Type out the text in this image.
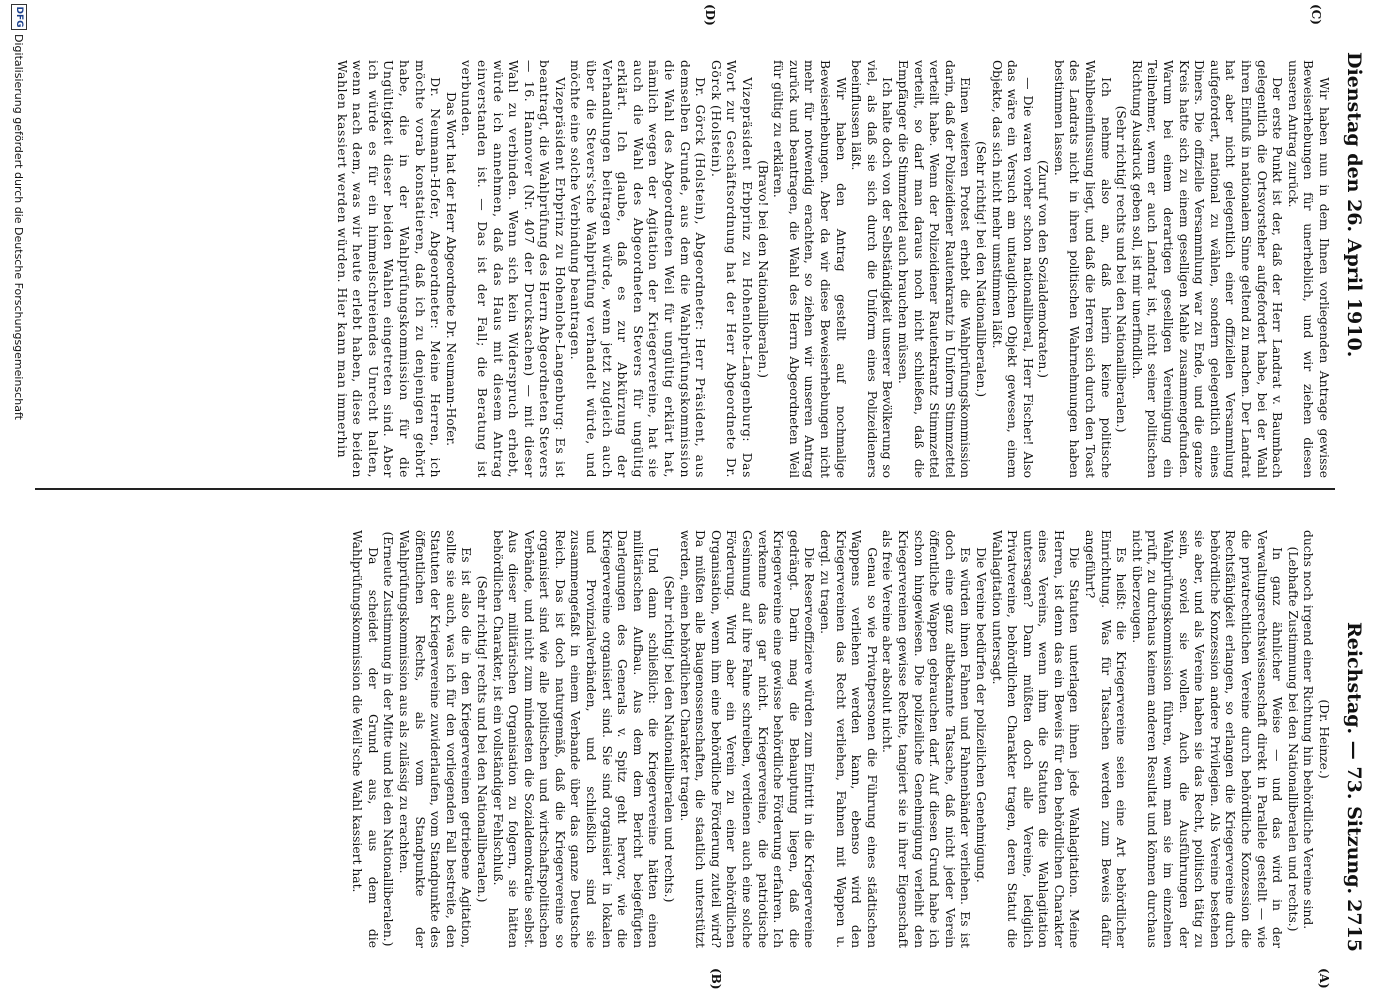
Dienstag den 26. April 1910.
Reichstag. — 73. Sitzung.
2715
(C)
(D)
(A)
(B)

Wir haben nun in dem Ihnen vorliegenden Antrage gewisse Beweiserhebungen für unerheblich, und wir ziehen diesen unseren Antrag zurück.

Der erste Punkt ist der, daß der Herr Landrat v. Baumbach gelegentlich die Ortsvorsteher aufgefordert habe, bei der Wahl ihren Einfluß in nationalem Sinne geltend zu machen. Der Landrat hat aber nicht gelegentlich einer offiziellen Versammlung aufgefordert, national zu wählen, sondern gelegentlich eines Diners. Die offizielle Versammlung war zu Ende, und die ganze Kreis hatte sich zu einem geselligen Mahle zusammengefunden. Warum bei einem derartigen geselligen Vereinigung ein Teilnehmer, wenn er auch Landrat ist, nicht seiner politischen Richtung Ausdruck geben soll, ist mir unerfindlich.

(Sehr richtig! rechts und bei den Nationalliberalen.)

Ich nehme also an, daß hierin keine politische Wahlbeeinflussung liegt, und daß die Herren sich durch den Toast des Landrats nicht in ihren politischen Wahrnehmungen haben bestimmen lassen.

(Zuruf von den Sozialdemokraten.)

— Die waren vorher schon nationalliberal, Herr Fischer! Also das wäre ein Versuch am untauglichen Objekt gewesen, einem Objekte, das sich nicht mehr umstimmen läßt.

(Sehr richtig! bei den Nationalliberalen.)

Einen weiteren Protest erhebt die Wahlprüfungskommission darin, daß der Polizeidiener Rautenkrantz in Uniform Stimmzettel verteilt habe. Wenn der Polizeidiener Rautenkrantz Stimmzettel verteilt, so darf man daraus noch nicht schließen, daß die Empfänger die Stimmzettel auch brauchen müssen.

Ich halte doch von der Selbständigkeit unserer Bevölkerung so viel, als daß sie sich durch die Uniform eines Polizeidieners beeinflussen läßt.

Wir haben den Antrag gestellt auf nochmalige Beweiserhebungen. Aber da wir diese Beweiserhebungen nicht mehr für notwendig erachten, so ziehen wir unseren Antrag zurück und beantragen, die Wahl des Herrn Abgeordneten Weil für gültig zu erklären.

(Bravo! bei den Nationalliberalen.)

Vizepräsident Erbprinz zu Hohenlohe-Langenburg: Das Wort zur Geschäftsordnung hat der Herr Abgeordnete Dr. Görck (Holstein).

Dr. Görck (Holstein), Abgeordneter: Herr Präsident, aus demselben Grunde, aus dem die Wahlprüfungskommission die Wahl des Abgeordneten Weil für ungültig erklärt hat, nämlich wegen der Agitation der Kriegervereine, hat sie auch die Wahl des Abgeordneten Stevers für ungültig erklärt. Ich glaube, daß es zur Abkürzung der Verhandlungen beitragen würde, wenn jetzt zugleich auch über die Stevers'sche Wahlprüfung verhandelt würde, und möchte eine solche Verbindung beantragen.

Vizepräsident Erbprinz zu Hohenlohe-Langenburg: Es ist beantragt, die Wahlprüfung des Herrn Abgeordneten Stevers — 16. Hannover (Nr. 407 der Drucksachen) — mit dieser Wahl zu verbinden. Wenn sich kein Widerspruch erhebt, würde ich annehmen, daß das Haus mit diesem Antrag einverstanden ist. — Das ist der Fall; die Beratung ist verbunden.

Das Wort hat der Herr Abgeordnete Dr. Neumann-Hofer.

Dr. Neumann-Hofer, Abgeordneter: Meine Herren, ich möchte vorab konstatieren, daß ich zu denjenigen gehört habe, die in der Wahlprüfungskommission für die Ungültigkeit dieser beiden Wahlen eingetreten sind. Aber ich würde es für ein himmelschreiendes Unrecht halten, wenn nach dem, was wir heute erlebt haben, diese beiden Wahlen kassiert werden würden. Hier kann man immerhin

(Dr. Heinze.)

duchs noch irgend einer Richtung hin behördliche Vereine sind.

(Lebhafte Zustimmung bei den Nationalliberalen und rechts.)

In ganz ähnlicher Weise — und das wird in der Verwaltungsrechtswissenschaft direkt in Parallele gestellt — wie die privatrechtlichen Vereine durch behördliche Konzession die Rechtsfähigkeit erlangen, so erlangen die Kriegervereine durch behördliche Konzession andere Privilegien. Als Vereine bestehen sie aber, und als Vereine haben sie das Recht, politisch tätig zu sein, soviel sie wollen. Auch die Ausführungen der Wahlprüfungskommission führen, wenn man sie im einzelnen prüft, zu durchaus keinem anderen Resultat und können durchaus nicht überzeugen.

Es heißt: die Kriegervereine seien eine Art behördlicher Einrichtung. Was für Tatsachen werden zum Beweis dafür angeführt?

Die Statuten unterlagen ihnen jede Wahlagitation. Meine Herren, ist denn das ein Beweis für den behördlichen Charakter eines Vereins, wenn ihm die Statuten die Wahlagitation untersagen? Dann müßten doch alle Vereine, lediglich Privatvereine, behördlichen Charakter tragen, deren Statut die Wahlagitation untersagt.

Die Vereine bedürfen der polizeilichen Genehmigung.

Es würden ihnen Fahnen und Fahnenbänder verliehen. Es ist doch eine ganz altbekannte Tatsache, daß nicht jeder Verein öffentliche Wappen gebrauchen darf. Auf diesen Grund habe ich schon hingewiesen. Die polizeiliche Genehmigung verleiht den Kriegervereinen gewisse Rechte, tangiert sie in ihrer Eigenschaft als freie Vereine aber absolut nicht.

Genau so wie Privatpersonen die Führung eines städtischen Wappens verliehen werden kann, ebenso wird den Kriegervereinen das Recht verliehen, Fahnen mit Wappen u. dergl. zu tragen.

Die Reserveoffiziere würden zum Eintritt in die Kriegervereine gedrängt. Darin mag die Behauptung liegen, daß die Kriegervereine eine gewisse behördliche Förderung erfahren. Ich verkenne das gar nicht. Kriegervereine, die patriotische Gesinnung auf ihre Fahne schreiben, verdienen auch eine solche Förderung. Wird aber ein Verein zu einer behördlichen Organisation, wenn ihm eine behördliche Förderung zuteil wird? Da müßten alle Baugenossenschaften, die staatlich unterstützt werden, einen behördlichen Charakter tragen.

(Sehr richtig! bei den Nationalliberalen und rechts.)

Und dann schließlich: die Kriegervereine hätten einen militärischen Aufbau. Aus dem dem Bericht beigefügten Darlegungen des Generals v. Spitz geht hervor, wie die Kriegervereine organisiert sind. Sie sind organisiert in lokalen und Provinzialverbänden, und schließlich sind sie zusammengefaßt in einem Verbande über das ganze Deutsche Reich. Das ist doch naturgemäß, daß die Kriegervereine so organisiert sind wie alle politischen und wirtschaftspolitischen Verbände, und nicht zum mindesten die Sozialdemokratie selbst. Aus dieser militärischen Organisation zu folgern, sie hätten behördlichen Charakter, ist ein vollständiger Fehlschluß.

(Sehr richtig! rechts und bei den Nationalliberalen.)

Es ist also die in den Kriegervereinen getriebene Agitation, sollte sie auch, was ich für den vorliegenden Fall bestreite, den Statuten der Kriegervereine zuwiderlaufen, vom Standpunkte des öffentlichen Rechts, als vom Standpunkte der Wahlprüfungskommission aus als zulässig zu erachten.

(Erneute Zustimmung in der Mitte und bei den Nationalliberalen.)

Da scheidet der Grund aus, aus dem die Wahlprüfungskommission die Weil'sche Wahl kassiert hat.

DFG
Digitalisierung gefördert durch die Deutsche Forschungsgemeinschaft
